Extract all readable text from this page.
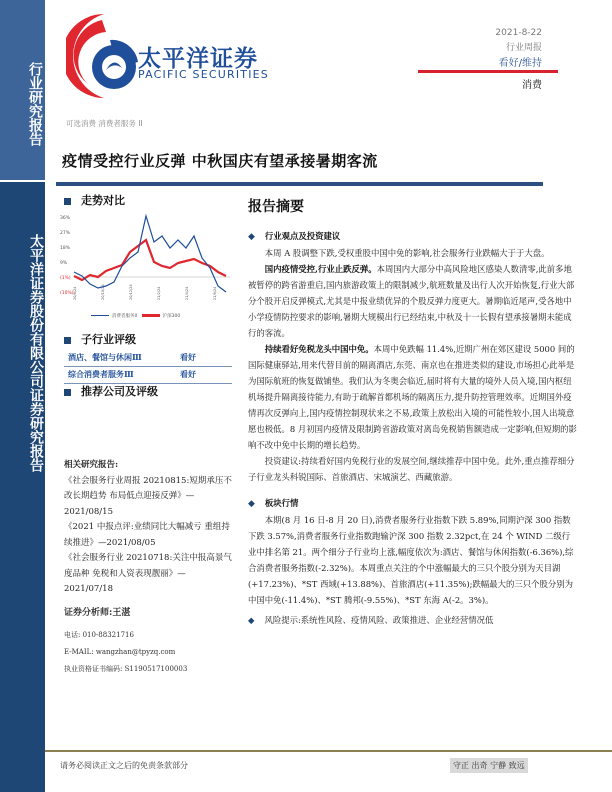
行业研究报告
太平洋证券股份有限公司证券研究报告
太平洋证券
PACIFIC SECURITIES
可选消费 消费者服务 II
2021-8-22
行业周报
看好/维持
消费
疫情受控行业反弹 中秋国庆有望承接暑期客流
走势对比
36%
27%
18%
9%
(1%)
(10%) 20/8/24	20/10/24	20/12/24	21/2/24	21/4/24	21/6/24
消费者服务II	沪深300
子行业评级
酒店、餐馆与休闲Ⅲ	看好
综合消费者服务Ⅲ	看好
推荐公司及评级
相关研究报告:
《社会服务行业周报 20210815:短期承压不改长期趋势 布局低点迎接反弹》—2021/08/15
《2021 中报点评:业绩同比大幅减亏 重组持续推进》—2021/08/05
《社会服务行业 20210718:关注中报高景气度品种 免税和人资表现靓丽》—2021/07/18
证券分析师:王湛
电话: 010-88321716
E-MAIL: wangzhan@tpyzq.com
执业资格证书编码: S1190517100003
报告摘要
◆ 行业观点及投资建议

本周 A 股调整下跌,受权重股中国中免的影响,社会服务行业跌幅大于于大盘。

国内疫情受控,行业止跌反弹。本周国内大部分中高风险地区感染人数清零,此前多地被暂停的跨省游重启,国内旅游政策上的限制减少,航班数量及出行人次开始恢复,行业大部分个股开启反弹模式,尤其是中报业绩优异的个股反弹力度更大。暑期临近尾声,受各地中小学疫情防控要求的影响,暑期大规模出行已经结束,中秋及十一长假有望承接暑期未能成行的客流。

持续看好免税龙头中国中免。本周中免跌幅 11.4%,近期广州在郊区建设 5000 间的国际健康驿站,用来代替目前的隔离酒店,东莞、南京也在推进类似的建设,市场担心此举是为国际航班的恢复做铺垫。我们认为冬奥会临近,届时将有大量的境外人员入境,国内枢纽机场提升隔离接待能力,有助于疏解首都机场的隔离压力,提升防控管理效率。近期国外疫情再次反弹向上,国内疫情控制现状来之不易,政策上放松出入境的可能性较小,国人出境意愿也极低。8 月初国内疫情及限制跨省游政策对离岛免税销售额造成一定影响,但短期的影响不改中免中长期的增长趋势。

投资建议:持续看好国内免税行业的发展空间,继续推荐中国中免。此外,重点推荐细分子行业龙头科锐国际、首旅酒店、宋城演艺、西藏旅游。

◆ 板块行情

本期(8 月 16 日-8 月 20 日),消费者服务行业指数下跌 5.89%,同期沪深 300 指数下跌 3.57%,消费者服务行业指数跑输沪深 300 指数 2.32pct,在 24 个 WIND 二级行业中排名第 21。两个细分子行业均上涨,幅度依次为:酒店、餐馆与休闲指数(-6.36%),综合消费者服务指数(-2.32%)。本周重点关注的个中涨幅最大的三只个股分别为天目湖(+17.23%)、*ST 西域(+13.88%)、首旅酒店(+11.35%);跌幅最大的三只个股分别为中国中免(-11.4%)、*ST 腾邦(-9.55%)、*ST 东海 A(-2。3%)。

◆ 风险提示:系统性风险、疫情风险、政策推进、企业经营情况低
请务必阅读正文之后的免责条款部分	守正 出奇 宁静 致远
